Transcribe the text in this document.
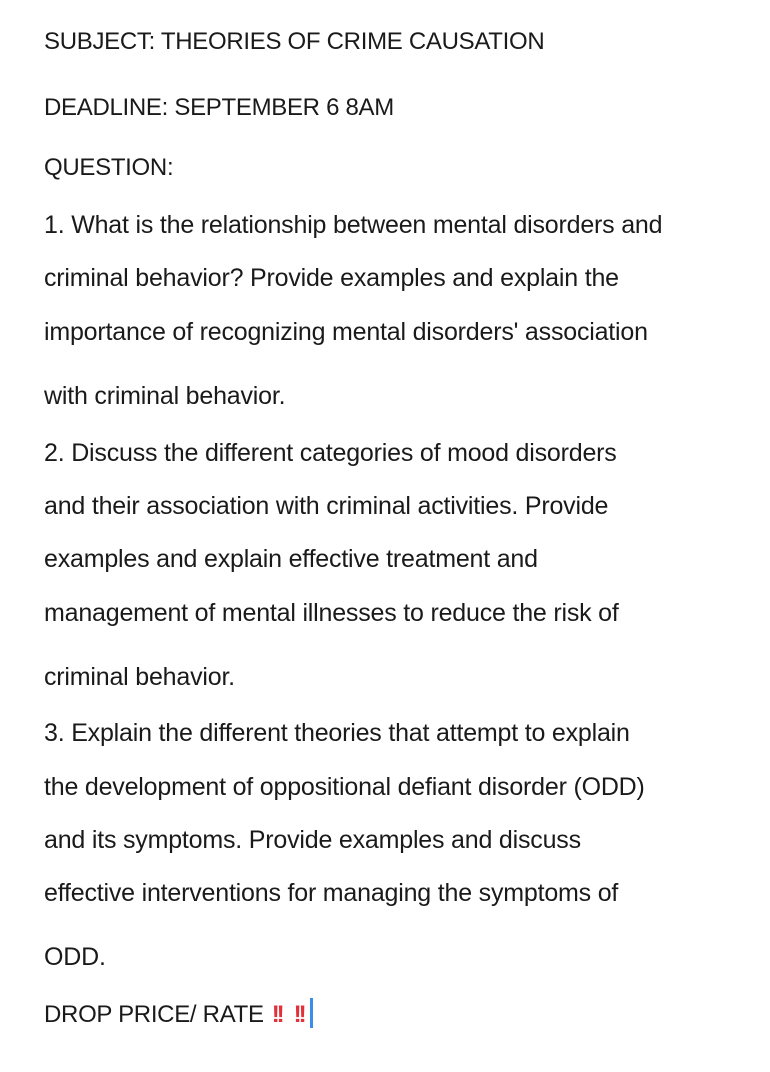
SUBJECT: THEORIES OF CRIME CAUSATION
DEADLINE: SEPTEMBER 6 8AM
QUESTION:
1. What is the relationship between mental disorders and
criminal behavior? Provide examples and explain the
importance of recognizing mental disorders' association
with criminal behavior.
2. Discuss the different categories of mood disorders
and their association with criminal activities. Provide
examples and explain effective treatment and
management of mental illnesses to reduce the risk of
criminal behavior.
3. Explain the different theories that attempt to explain
the development of oppositional defiant disorder (ODD)
and its symptoms. Provide examples and discuss
effective interventions for managing the symptoms of
ODD.
DROP PRICE/ RATE !! !!
